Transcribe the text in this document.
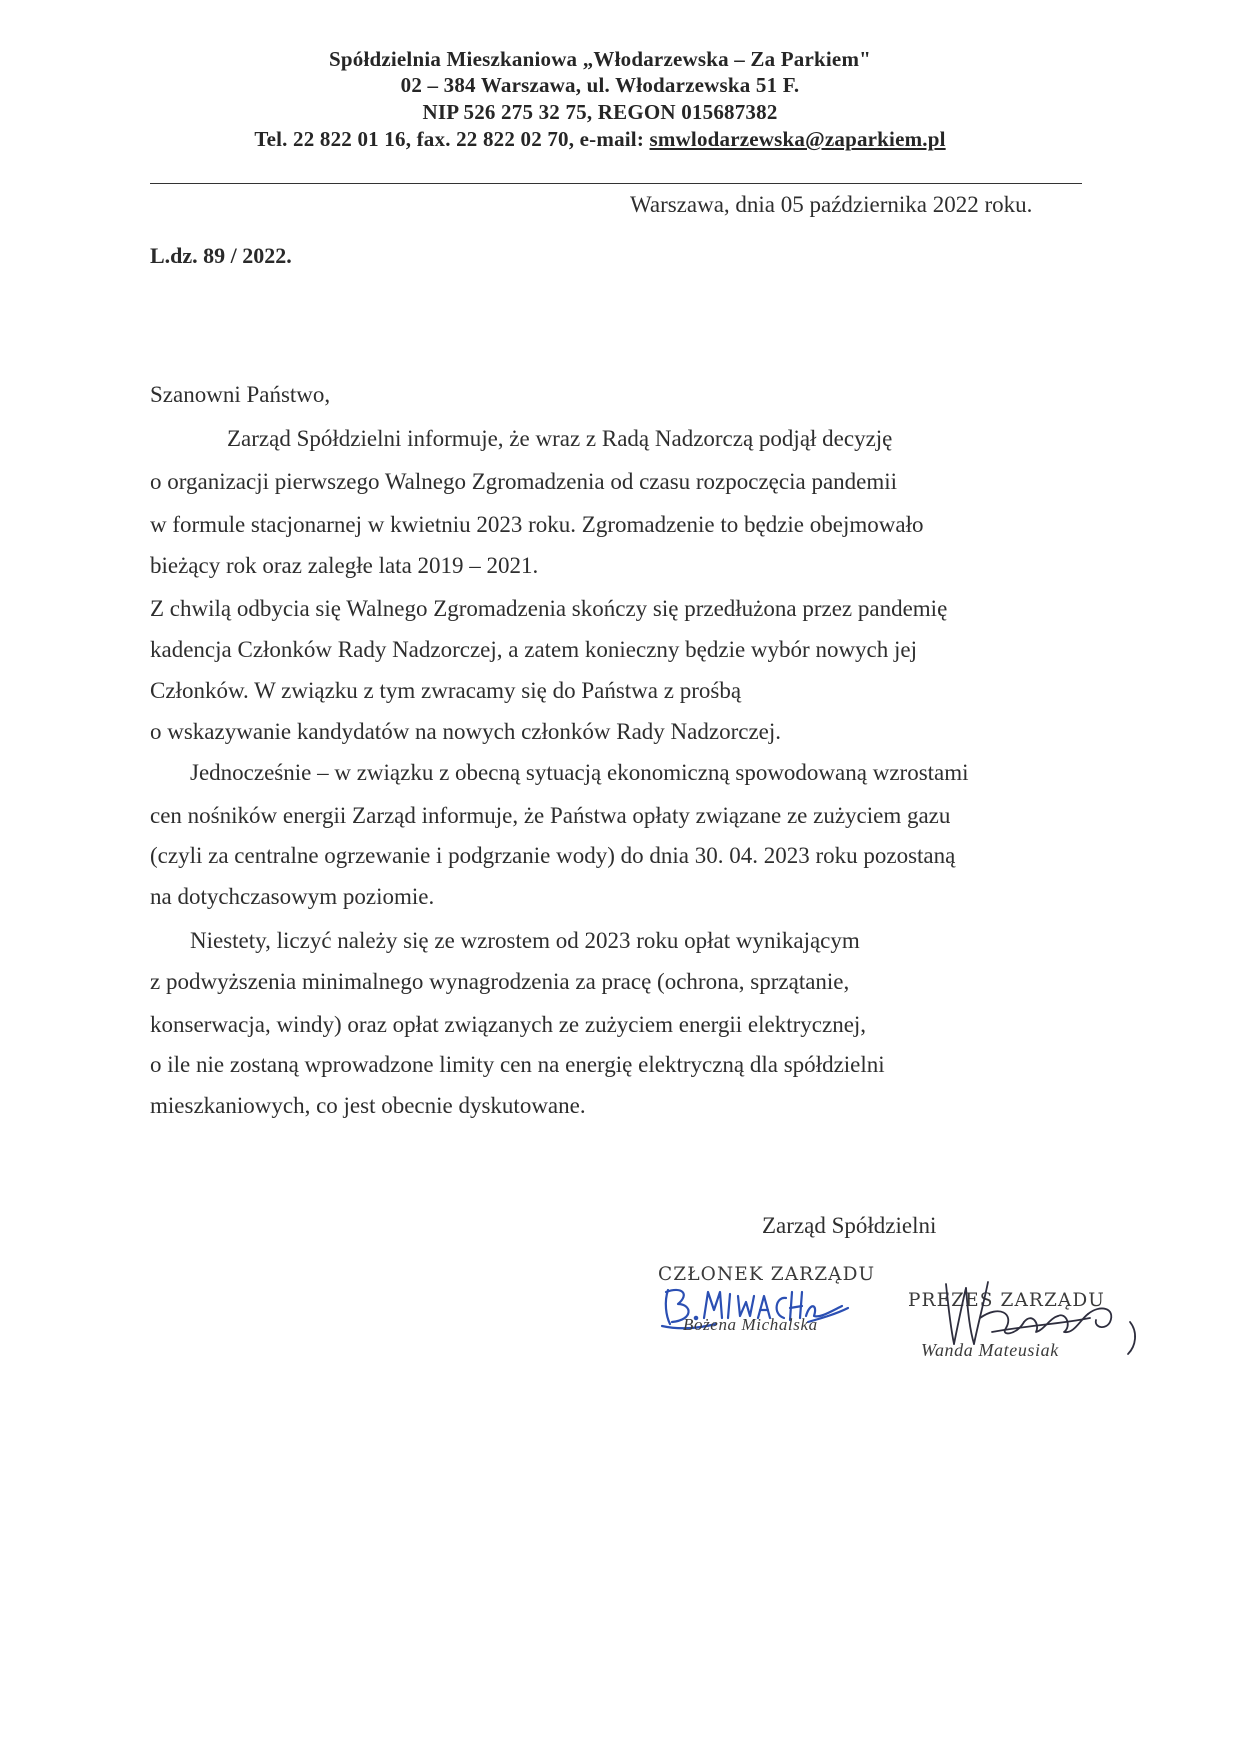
Spółdzielnia Mieszkaniowa „Włodarzewska – Za Parkiem"
02 – 384 Warszawa, ul. Włodarzewska 51 F.
NIP 526 275 32 75, REGON 015687382
Tel. 22 822 01 16, fax. 22 822 02 70, e-mail: smwlodarzewska@zaparkiem.pl
Warszawa, dnia 05 października 2022 roku.
L.dz. 89 / 2022.
Szanowni Państwo,
Zarząd Spółdzielni informuje, że wraz z Radą Nadzorczą podjął decyzję
o organizacji pierwszego Walnego Zgromadzenia od czasu rozpoczęcia pandemii
w formule stacjonarnej w kwietniu 2023 roku. Zgromadzenie to będzie obejmowało
bieżący rok oraz zaległe lata 2019 – 2021.
Z chwilą odbycia się Walnego Zgromadzenia skończy się przedłużona przez pandemię
kadencja Członków Rady Nadzorczej, a zatem konieczny będzie wybór nowych jej
Członków. W związku z tym zwracamy się do Państwa z prośbą
o wskazywanie kandydatów na nowych członków Rady Nadzorczej.
Jednocześnie – w związku z obecną sytuacją ekonomiczną spowodowaną wzrostami
cen nośników energii Zarząd informuje, że Państwa opłaty związane ze zużyciem gazu
(czyli za centralne ogrzewanie i podgrzanie wody) do dnia 30. 04. 2023 roku pozostaną
na dotychczasowym poziomie.
Niestety, liczyć należy się ze wzrostem od 2023 roku opłat wynikającym
z podwyższenia minimalnego wynagrodzenia za pracę (ochrona, sprzątanie,
konserwacja, windy) oraz opłat związanych ze zużyciem energii elektrycznej,
o ile nie zostaną wprowadzone limity cen na energię elektryczną dla spółdzielni
mieszkaniowych, co jest obecnie dyskutowane.
Zarząd Spółdzielni
CZŁONEK ZARZĄDU
Bożena Michalska
PREZES ZARZĄDU
Wanda Mateusiak
